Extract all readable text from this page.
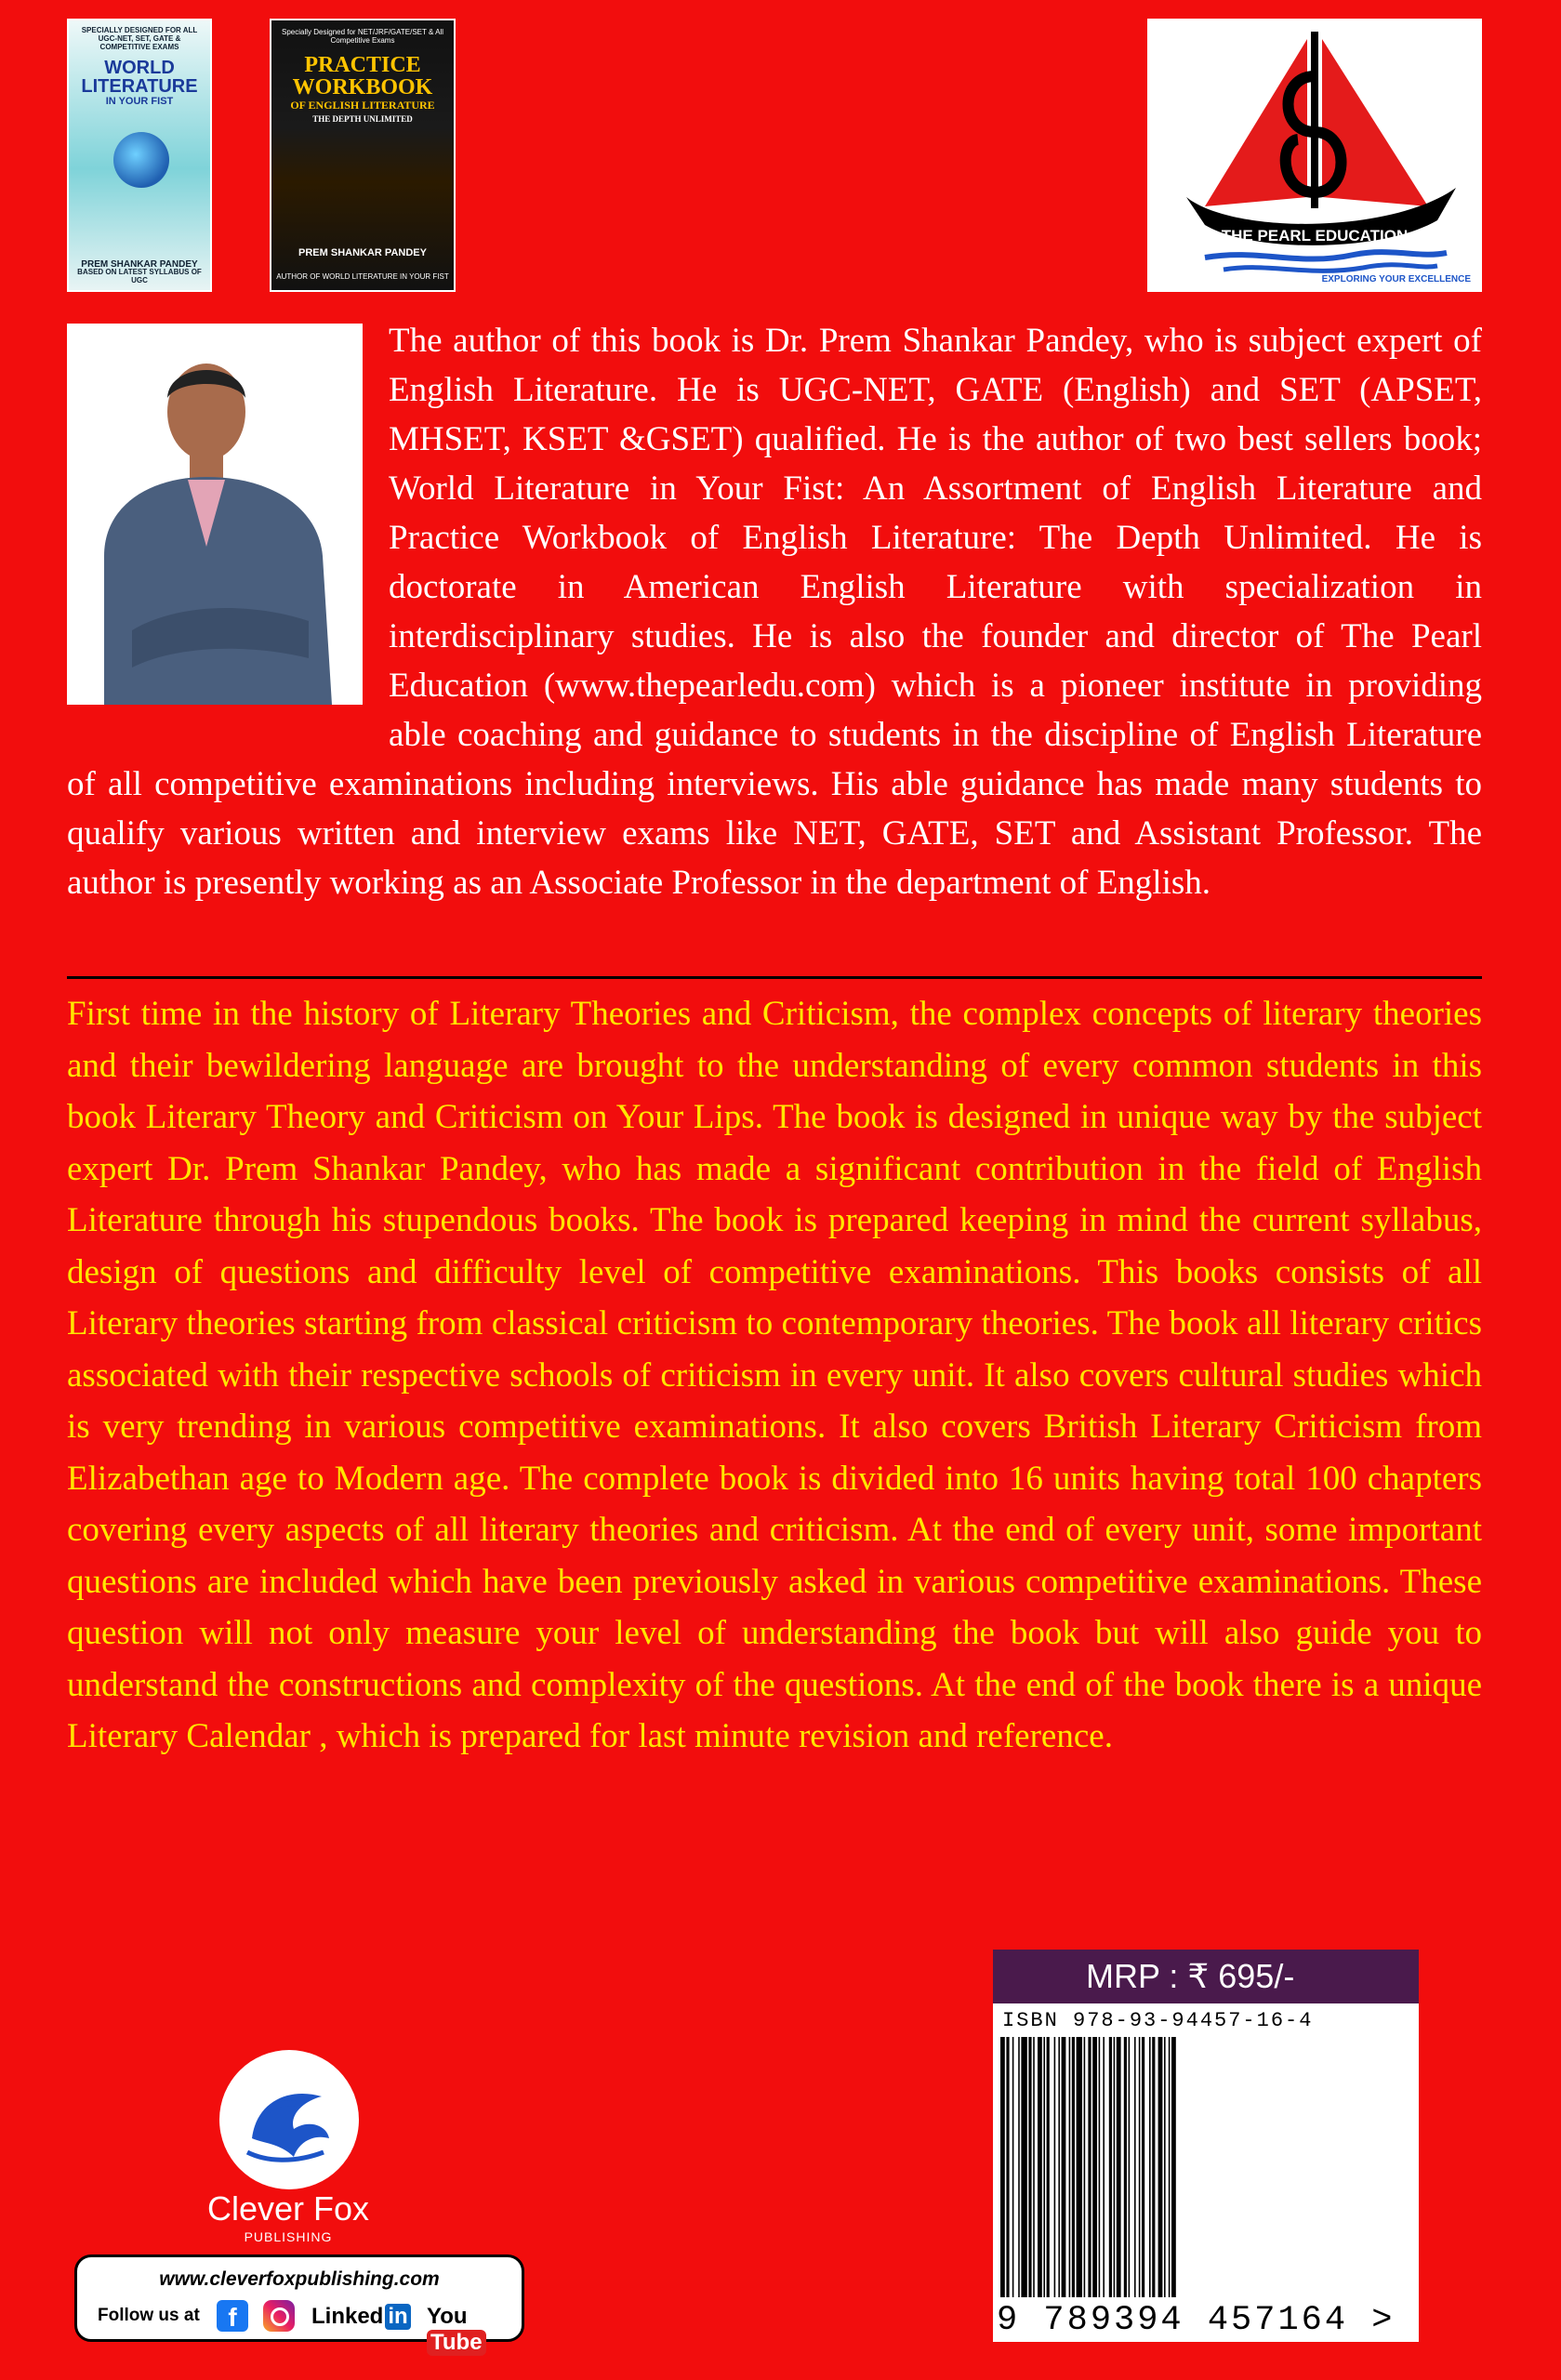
SPECIALLY DESIGNED FOR ALL UGC-NET, SET, GATE & COMPETITIVE EXAMS
WORLD LITERATURE
IN YOUR FIST
PREM SHANKAR PANDEY
BASED ON LATEST SYLLABUS OF UGC
Specially Designed for NET/JRF/GATE/SET & All Competitive Exams
PRACTICE WORKBOOK
OF ENGLISH LITERATURE
THE DEPTH UNLIMITED
PREM SHANKAR PANDEY
AUTHOR OF WORLD LITERATURE IN YOUR FIST
THE PEARL EDUCATION
EXPLORING YOUR EXCELLENCE

The author of this book is Dr. Prem Shankar Pandey, who is subject expert of English Literature. He is UGC-NET, GATE (English) and SET (APSET, MHSET, KSET &GSET) qualified. He is the author of two best sellers book; World Literature in Your Fist: An Assortment of English Literature and Practice Workbook of English Literature: The Depth Unlimited. He is doctorate in American English Literature with specialization in interdisciplinary studies. He is also the founder and director of The Pearl Education (www.thepearledu.com) which is a pioneer institute in providing able coaching and guidance to students in the discipline of English Literature of all competitive examinations including interviews. His able guidance has made many students to qualify various written and interview exams like NET, GATE, SET and Assistant Professor. The author is presently working as an Associate Professor in the department of English.

First time in the history of Literary Theories and Criticism, the complex concepts of literary theories and their bewildering language are brought to the understanding of every common students in this book Literary Theory and Criticism on Your Lips. The book is designed in unique way by the subject expert Dr. Prem Shankar Pandey, who has made a significant contribution in the field of English Literature through his stupendous books. The book is prepared keeping in mind the current syllabus, design of questions and difficulty level of competitive examinations. This books consists of all Literary theories starting from classical criticism to contemporary theories. The book all literary critics associated with their respective schools of criticism in every unit. It also covers cultural studies which is very trending in various competitive examinations. It also covers British Literary Criticism from Elizabethan age to Modern age. The complete book is divided into 16 units having total 100 chapters covering every aspects of all literary theories and criticism. At the end of every unit, some important questions are included which have been previously asked in various competitive examinations. These question will not only measure your level of understanding the book but will also guide you to understand the constructions and complexity of the questions. At the end of the book there is a unique Literary Calendar , which is prepared for last minute revision and reference.

Clever Fox
PUBLISHING
www.cleverfoxpublishing.com
Follow us at	f	Linked in YouTube
MRP : ₹ 695/-
ISBN 978-93-94457-16-4
9 789394 457164 >
